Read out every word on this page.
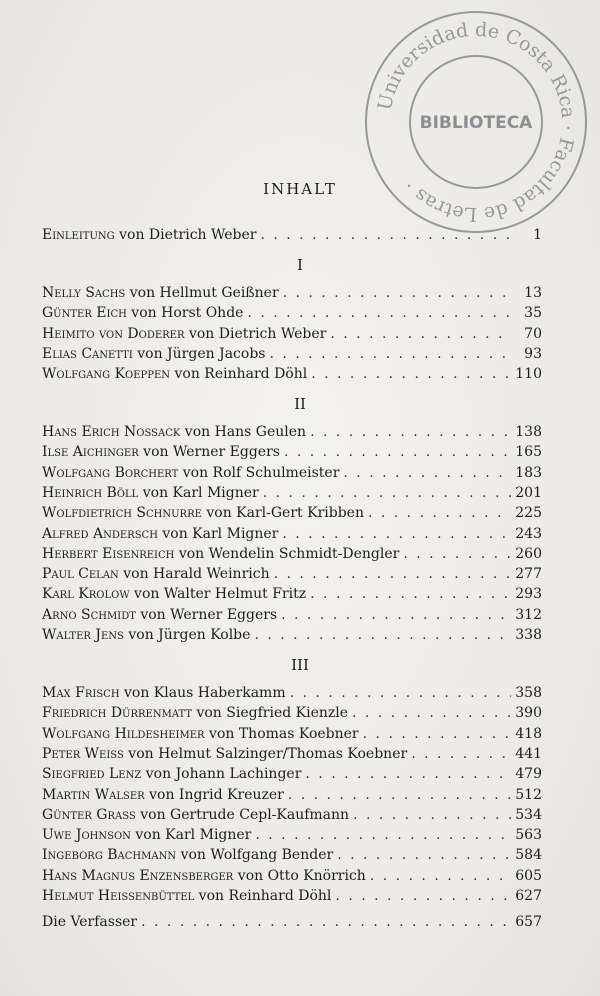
Universidad de Costa Rica · Facultad de Letras ·
BIBLIOTECA
INHALT
Einleitung von Dietrich Weber . . .	1
I
Nelly Sachs von Hellmut Geißner . . .	13
Günter Eich von Horst Ohde . . .	35
Heimito von Doderer von Dietrich Weber . . .	70
Elias Canetti von Jürgen Jacobs . . .	93
Wolfgang Koeppen von Reinhard Döhl . . .	110
II
Hans Erich Nossack von Hans Geulen . . .	138
Ilse Aichinger von Werner Eggers . . .	165
Wolfgang Borchert von Rolf Schulmeister . . .	183
Heinrich Böll von Karl Migner . . .	201
Wolfdietrich Schnurre von Karl-Gert Kribben . . .	225
Alfred Andersch von Karl Migner . . .	243
Herbert Eisenreich von Wendelin Schmidt-Dengler . . .	260
Paul Celan von Harald Weinrich . . .	277
Karl Krolow von Walter Helmut Fritz . . .	293
Arno Schmidt von Werner Eggers . . .	312
Walter Jens von Jürgen Kolbe . . .	338
III
Max Frisch von Klaus Haberkamm . . .	358
Friedrich Dürrenmatt von Siegfried Kienzle . . .	390
Wolfgang Hildesheimer von Thomas Koebner . . .	418
Peter Weiss von Helmut Salzinger/Thomas Koebner . . .	441
Siegfried Lenz von Johann Lachinger . . .	479
Martin Walser von Ingrid Kreuzer . . .	512
Günter Grass von Gertrude Cepl-Kaufmann . . .	534
Uwe Johnson von Karl Migner . . .	563
Ingeborg Bachmann von Wolfgang Bender . . .	584
Hans Magnus Enzensberger von Otto Knörrich . . .	605
Helmut Heissenbüttel von Reinhard Döhl . . .	627
Die Verfasser . . .	657
